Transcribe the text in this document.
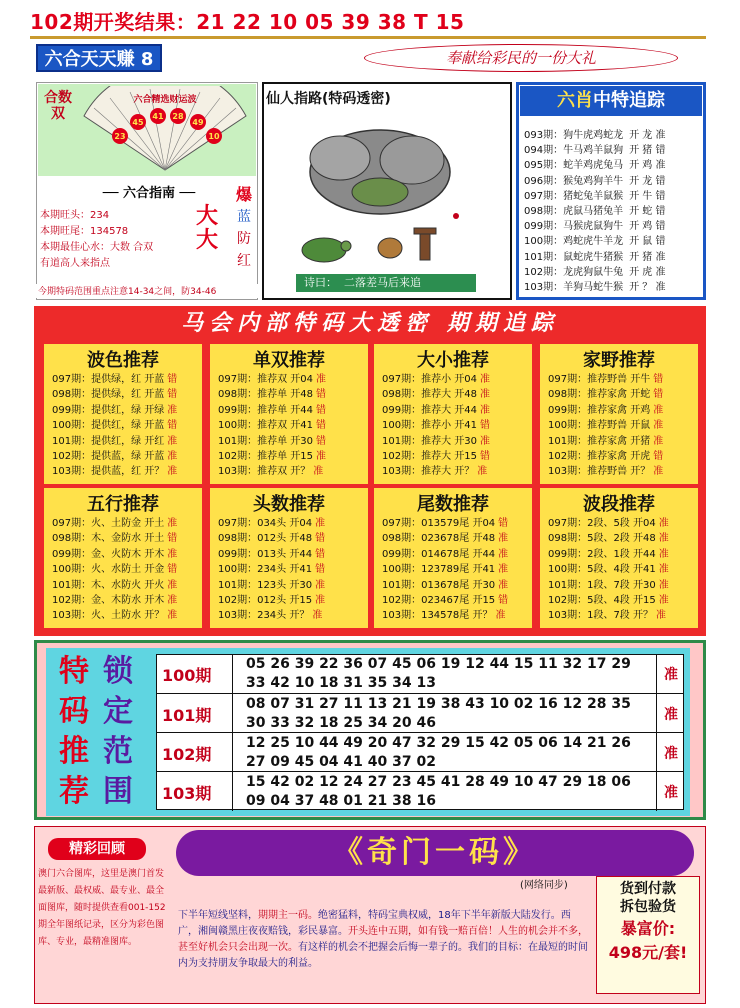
102期开奖结果：21 22 10 05 39 38 T 15
六合天天赚 8	奉献给彩民的一份大礼
合数双
六合精选财运波
23
45
41 28
49
10
── 六合指南 ──
本期旺头：234
本期旺尾：134578
本期最佳心水：大数 合双
有道高人来指点
大大
爆
蓝
防
红
今期特码范围重点注意14-34之间，防34-46
仙人指路(特码透密)
诗曰： 二落差马后来追
六肖中特追踪
093期：狗牛虎鸡蛇龙 开 龙 准
094期：牛马鸡羊鼠狗 开 猪 错
095期：蛇羊鸡虎兔马 开 鸡 准
096期：猴兔鸡狗羊牛 开 龙 错
097期：猪蛇兔羊鼠猴 开 牛 错
098期：虎鼠马猪兔羊 开 蛇 错
099期：马猴虎鼠狗牛 开 鸡 错
100期：鸡蛇虎牛羊龙 开 鼠 错
101期：鼠蛇虎牛猪猴 开 猪 准
102期：龙虎狗鼠牛兔 开 虎 准
103期：羊狗马蛇牛猴 开 ？ 准
马会内部特码大透密 期期追踪
波色推荐
097期：提供绿，红 开蓝 错
098期：提供绿，红 开蓝 错
099期：提供红，绿 开绿 准
100期：提供红，绿 开蓝 错
101期：提供红，绿 开红 准
102期：提供蓝，绿 开蓝 准
103期：提供蓝，红 开？ 准
单双推荐
097期：推荐双 开04 准
098期：推荐单 开48 错
099期：推荐单 开44 错
100期：推荐双 开41 错
101期：推荐单 开30 错
102期：推荐单 开15 准
103期：推荐双 开？ 准
大小推荐
097期：推荐小 开04 准
098期：推荐大 开48 准
099期：推荐大 开44 准
100期：推荐小 开41 错
101期：推荐大 开30 准
102期：推荐大 开15 错
103期：推荐大 开？ 准
家野推荐
097期：推荐野兽 开牛 错
098期：推荐家禽 开蛇 错
099期：推荐家禽 开鸡 准
100期：推荐野兽 开鼠 准
101期：推荐家禽 开猪 准
102期：推荐家禽 开虎 错
103期：推荐野兽 开？ 准
五行推荐
097期：火、土防金 开土 准
098期：木、金防水 开土 错
099期：金、火防木 开木 准
100期：火、水防土 开金 错
101期：木、水防火 开火 准
102期：金、木防水 开木 准
103期：火、土防水 开？ 准
头数推荐
097期：034头 开04 准
098期：012头 开48 错
099期：013头 开44 错
100期：234头 开41 错
101期：123头 开30 准
102期：012头 开15 准
103期：234头 开？ 准
尾数推荐
097期：013579尾 开04 错
098期：023678尾 开48 准
099期：014678尾 开44 准
100期：123789尾 开41 准
101期：013678尾 开30 准
102期：023467尾 开15 错
103期：134578尾 开？ 准
波段推荐
097期：2段、5段 开04 准
098期：5段、2段 开48 准
099期：2段、1段 开44 准
100期：5段、4段 开41 准
101期：1段、7段 开30 准
102期：5段、4段 开15 准
103期：1段、7段 开？ 准
特
码
推
荐
锁
定
范
围
100期
05 26 39 22 36 07 45 06 19 12 44 15 11 32 17 29
33 42 10 18 31 35 34 13	准
101期
08 07 31 27 11 13 21 19 38 43 10 02 16 12 28 35
30 33 32 18 25 34 20 46	准
102期
12 25 10 44 49 20 47 32 29 15 42 05 06 14 21 26
27 09 45 04 41 40 37 02	准
103期
15 42 02 12 24 27 23 45 41 28 49 10 47 29 18 06
09 04 37 48 01 21 38 16	准
精彩回顾
澳门六合图库，这里是澳门首发最新版、最权威、最专业、最全面图库，随时提供查看001-152期全年图纸记录，区分为彩色图库、专业，最精准图库。
《奇门一码》
(网络同步)
下半年短线坚料，期期主一码。绝密猛料，特码宝典权威，18年下半年新版大陆发行。西广，湘闽赣黑庄夜夜赔钱，彩民暴富。开头连中五期，如有钱一赔百倍！人生的机会并不多，甚至好机会只会出现一次。有这样的机会不把握会后悔一辈子的。我们的目标：在最短的时间内为支持朋友争取最大的利益。
货到付款
拆包验货
暴富价:
498元/套!
